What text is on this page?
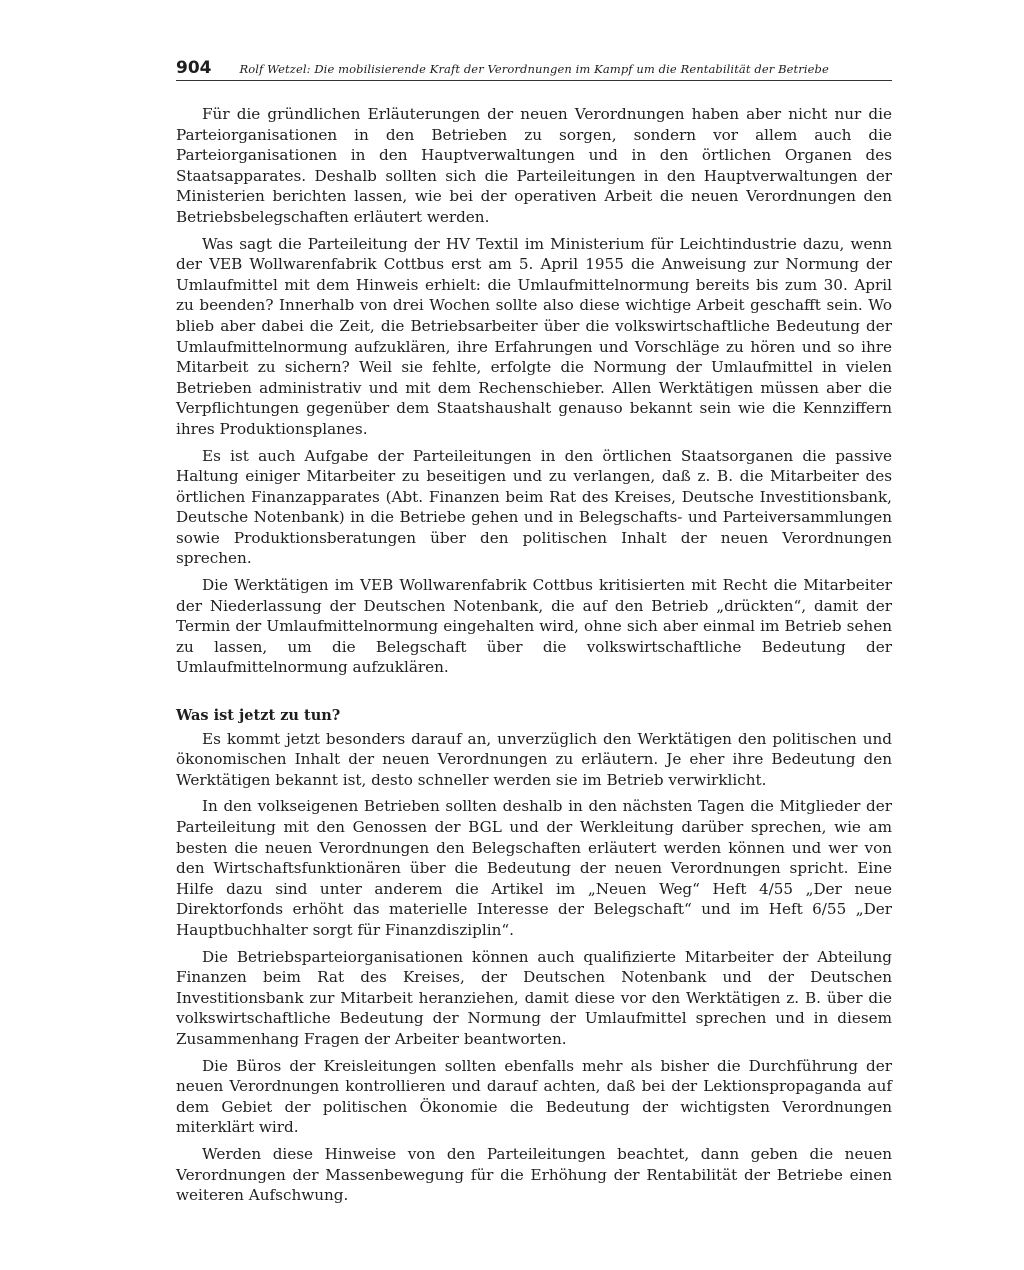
904 Rolf Wetzel: Die mobilisierende Kraft der Verordnungen im Kampf um die Rentabilität der Betriebe

Für die gründlichen Erläuterungen der neuen Verordnungen haben aber nicht nur die Parteiorganisationen in den Betrieben zu sorgen, sondern vor allem auch die Parteiorganisationen in den Hauptverwaltungen und in den örtlichen Organen des Staatsapparates. Deshalb sollten sich die Parteileitungen in den Hauptverwaltungen der Ministerien berichten lassen, wie bei der operativen Arbeit die neuen Verordnungen den Betriebsbelegschaften erläutert werden.

Was sagt die Parteileitung der HV Textil im Ministerium für Leichtindustrie dazu, wenn der VEB Wollwarenfabrik Cottbus erst am 5. April 1955 die Anweisung zur Normung der Umlaufmittel mit dem Hinweis erhielt: die Umlaufmittelnormung bereits bis zum 30. April zu beenden? Innerhalb von drei Wochen sollte also diese wichtige Arbeit geschafft sein. Wo blieb aber dabei die Zeit, die Betriebsarbeiter über die volkswirtschaftliche Bedeutung der Umlaufmittelnormung aufzuklären, ihre Erfahrungen und Vorschläge zu hören und so ihre Mitarbeit zu sichern? Weil sie fehlte, erfolgte die Normung der Umlaufmittel in vielen Betrieben administrativ und mit dem Rechenschieber. Allen Werktätigen müssen aber die Verpflichtungen gegenüber dem Staatshaushalt genauso bekannt sein wie die Kennziffern ihres Produktionsplanes.

Es ist auch Aufgabe der Parteileitungen in den örtlichen Staatsorganen die passive Haltung einiger Mitarbeiter zu beseitigen und zu verlangen, daß z. B. die Mitarbeiter des örtlichen Finanzapparates (Abt. Finanzen beim Rat des Kreises, Deutsche Investitionsbank, Deutsche Notenbank) in die Betriebe gehen und in Belegschafts- und Parteiversammlungen sowie Produktionsberatungen über den politischen Inhalt der neuen Verordnungen sprechen.

Die Werktätigen im VEB Wollwarenfabrik Cottbus kritisierten mit Recht die Mitarbeiter der Niederlassung der Deutschen Notenbank, die auf den Betrieb „drückten“, damit der Termin der Umlaufmittelnormung eingehalten wird, ohne sich aber einmal im Betrieb sehen zu lassen, um die Belegschaft über die volkswirtschaftliche Bedeutung der Umlaufmittelnormung aufzuklären.

Was ist jetzt zu tun?

Es kommt jetzt besonders darauf an, unverzüglich den Werktätigen den politischen und ökonomischen Inhalt der neuen Verordnungen zu erläutern. Je eher ihre Bedeutung den Werktätigen bekannt ist, desto schneller werden sie im Betrieb verwirklicht.

In den volkseigenen Betrieben sollten deshalb in den nächsten Tagen die Mitglieder der Parteileitung mit den Genossen der BGL und der Werkleitung darüber sprechen, wie am besten die neuen Verordnungen den Belegschaften erläutert werden können und wer von den Wirtschaftsfunktionären über die Bedeutung der neuen Verordnungen spricht. Eine Hilfe dazu sind unter anderem die Artikel im „Neuen Weg“ Heft 4/55 „Der neue Direktorfonds erhöht das materielle Interesse der Belegschaft“ und im Heft 6/55 „Der Hauptbuchhalter sorgt für Finanzdisziplin“.

Die Betriebsparteiorganisationen können auch qualifizierte Mitarbeiter der Abteilung Finanzen beim Rat des Kreises, der Deutschen Notenbank und der Deutschen Investitionsbank zur Mitarbeit heranziehen, damit diese vor den Werktätigen z. B. über die volkswirtschaftliche Bedeutung der Normung der Umlaufmittel sprechen und in diesem Zusammenhang Fragen der Arbeiter beantworten.

Die Büros der Kreisleitungen sollten ebenfalls mehr als bisher die Durchführung der neuen Verordnungen kontrollieren und darauf achten, daß bei der Lektionspropaganda auf dem Gebiet der politischen Ökonomie die Bedeutung der wichtigsten Verordnungen miterklärt wird.

Werden diese Hinweise von den Parteileitungen beachtet, dann geben die neuen Verordnungen der Massenbewegung für die Erhöhung der Rentabilität der Betriebe einen weiteren Aufschwung.
